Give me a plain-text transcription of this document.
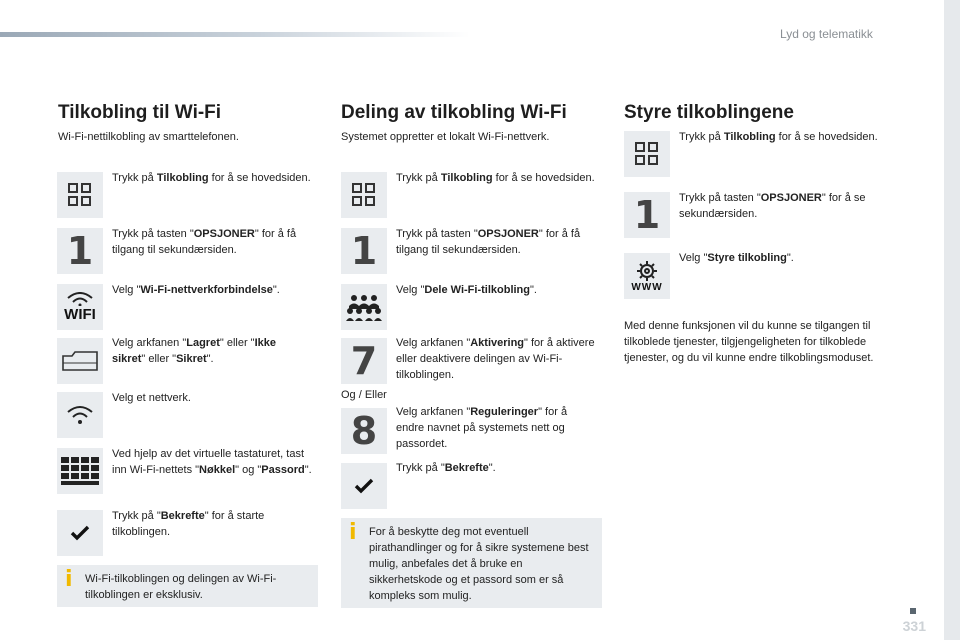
Lyd og telematikk
Tilkobling til Wi-Fi
Wi-Fi-nettilkobling av smarttelefonen.
Trykk på Tilkobling for å se hovedsiden.
1 Trykk på tasten "OPSJONER" for å få tilgang til sekundærsiden.
WIFI
Velg "Wi-Fi-nettverkforbindelse".
Velg arkfanen "Lagret" eller "Ikke sikret" eller "Sikret".
Velg et nettverk.
Ved hjelp av det virtuelle tastaturet, tast inn Wi-Fi-nettets "Nøkkel" og "Passord".
Trykk på "Bekrefte" for å starte tilkoblingen.
i	Wi-Fi-tilkoblingen og delingen av Wi-Fi-tilkoblingen er eksklusiv.
Deling av tilkobling Wi-Fi
Systemet oppretter et lokalt Wi-Fi-nettverk.
Trykk på Tilkobling for å se hovedsiden.
1 Trykk på tasten "OPSJONER" for å få tilgang til sekundærsiden.
Velg "Dele Wi-Fi-tilkobling".
7 Velg arkfanen "Aktivering" for å aktivere eller deaktivere delingen av Wi-Fi-tilkoblingen.
Og / Eller
8 Velg arkfanen "Reguleringer" for å endre navnet på systemets nett og passordet.
Trykk på "Bekrefte".
i	For å beskytte deg mot eventuell pirathandlinger og for å sikre systemene best mulig, anbefales det å bruke en sikkerhetskode og et passord som er så kompleks som mulig.
Styre tilkoblingene
Trykk på Tilkobling for å se hovedsiden.
1 Trykk på tasten "OPSJONER" for å se sekundærsiden.
WWW
Velg "Styre tilkobling".
Med denne funksjonen vil du kunne se tilgangen til tilkoblede tjenester, tilgjengeligheten for tilkoblede tjenester, og du vil kunne endre tilkoblingsmoduset.
331
